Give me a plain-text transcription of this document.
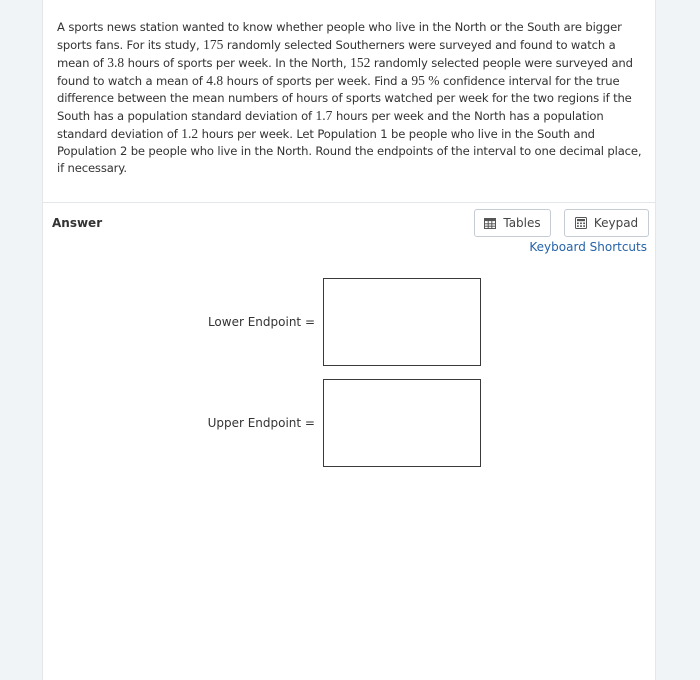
A sports news station wanted to know whether people who live in the North or the South are bigger sports fans. For its study, 175 randomly selected Southerners were surveyed and found to watch a mean of 3.8 hours of sports per week. In the North, 152 randomly selected people were surveyed and found to watch a mean of 4.8 hours of sports per week. Find a 95 % confidence interval for the true difference between the mean numbers of hours of sports watched per week for the two regions if the South has a population standard deviation of 1.7 hours per week and the North has a population standard deviation of 1.2 hours per week. Let Population 1 be people who live in the South and Population 2 be people who live in the North. Round the endpoints of the interval to one decimal place, if necessary.
Answer	Tables	Keypad
Keyboard Shortcuts
Lower Endpoint =
Upper Endpoint =
